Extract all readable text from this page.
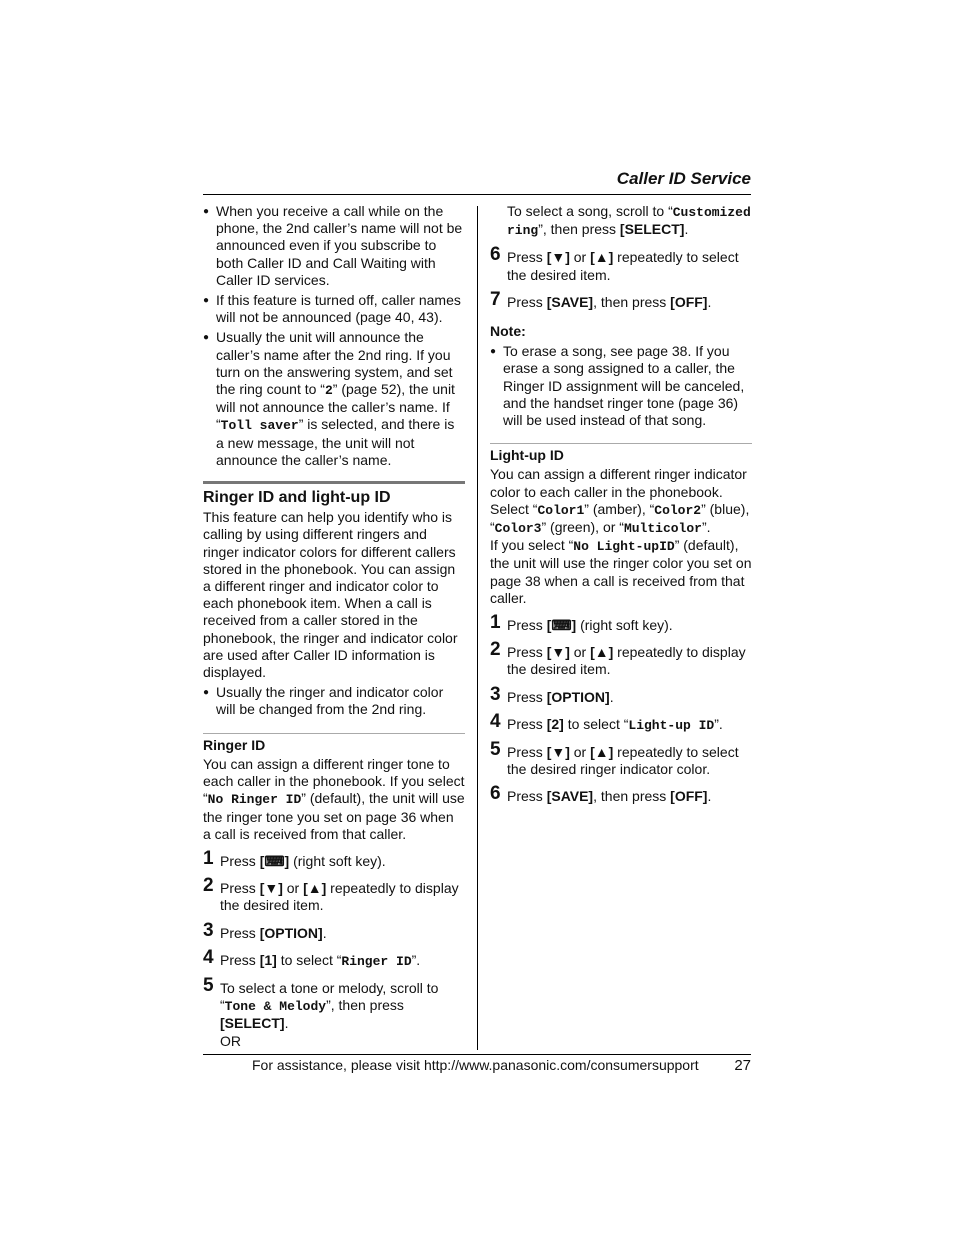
Caller ID Service
● When you receive a call while on the phone, the 2nd caller’s name will not be announced even if you subscribe to both Caller ID and Call Waiting with Caller ID services.
● If this feature is turned off, caller names will not be announced (page 40, 43).
● Usually the unit will announce the caller’s name after the 2nd ring. If you turn on the answering system, and set the ring count to “2” (page 52), the unit will not announce the caller’s name. If “Toll saver” is selected, and there is a new message, the unit will not announce the caller’s name.
Ringer ID and light-up ID

This feature can help you identify who is calling by using different ringers and ringer indicator colors for different callers stored in the phonebook. You can assign a different ringer and indicator color to each phonebook item. When a call is received from a caller stored in the phonebook, the ringer and indicator color are used after Caller ID information is displayed.

● Usually the ringer and indicator color will be changed from the 2nd ring.
Ringer ID

You can assign a different ringer tone to each caller in the phonebook. If you select “No Ringer ID” (default), the unit will use the ringer tone you set on page 36 when a call is received from that caller.

1 Press [⌨] (right soft key).
2 Press [▼] or [▲] repeatedly to display the desired item.
3 Press [OPTION].
4 Press [1] to select “Ringer ID”.
5 To select a tone or melody, scroll to “Tone & Melody”, then press [SELECT].
OR

To select a song, scroll to “Customized ring”, then press [SELECT].

6 Press [▼] or [▲] repeatedly to select the desired item.
7 Press [SAVE], then press [OFF].
Note:
● To erase a song, see page 38. If you erase a song assigned to a caller, the Ringer ID assignment will be canceled, and the handset ringer tone (page 36) will be used instead of that song.
Light-up ID

You can assign a different ringer indicator color to each caller in the phonebook. Select “Color1” (amber), “Color2” (blue), “Color3” (green), or “Multicolor”.
If you select “No Light-upID” (default), the unit will use the ringer color you set on page 38 when a call is received from that caller.

1 Press [⌨] (right soft key).
2 Press [▼] or [▲] repeatedly to display the desired item.
3 Press [OPTION].
4 Press [2] to select “Light-up ID”.
5 Press [▼] or [▲] repeatedly to select the desired ringer indicator color.
6 Press [SAVE], then press [OFF].
For assistance, please visit http://www.panasonic.com/consumersupport 27
